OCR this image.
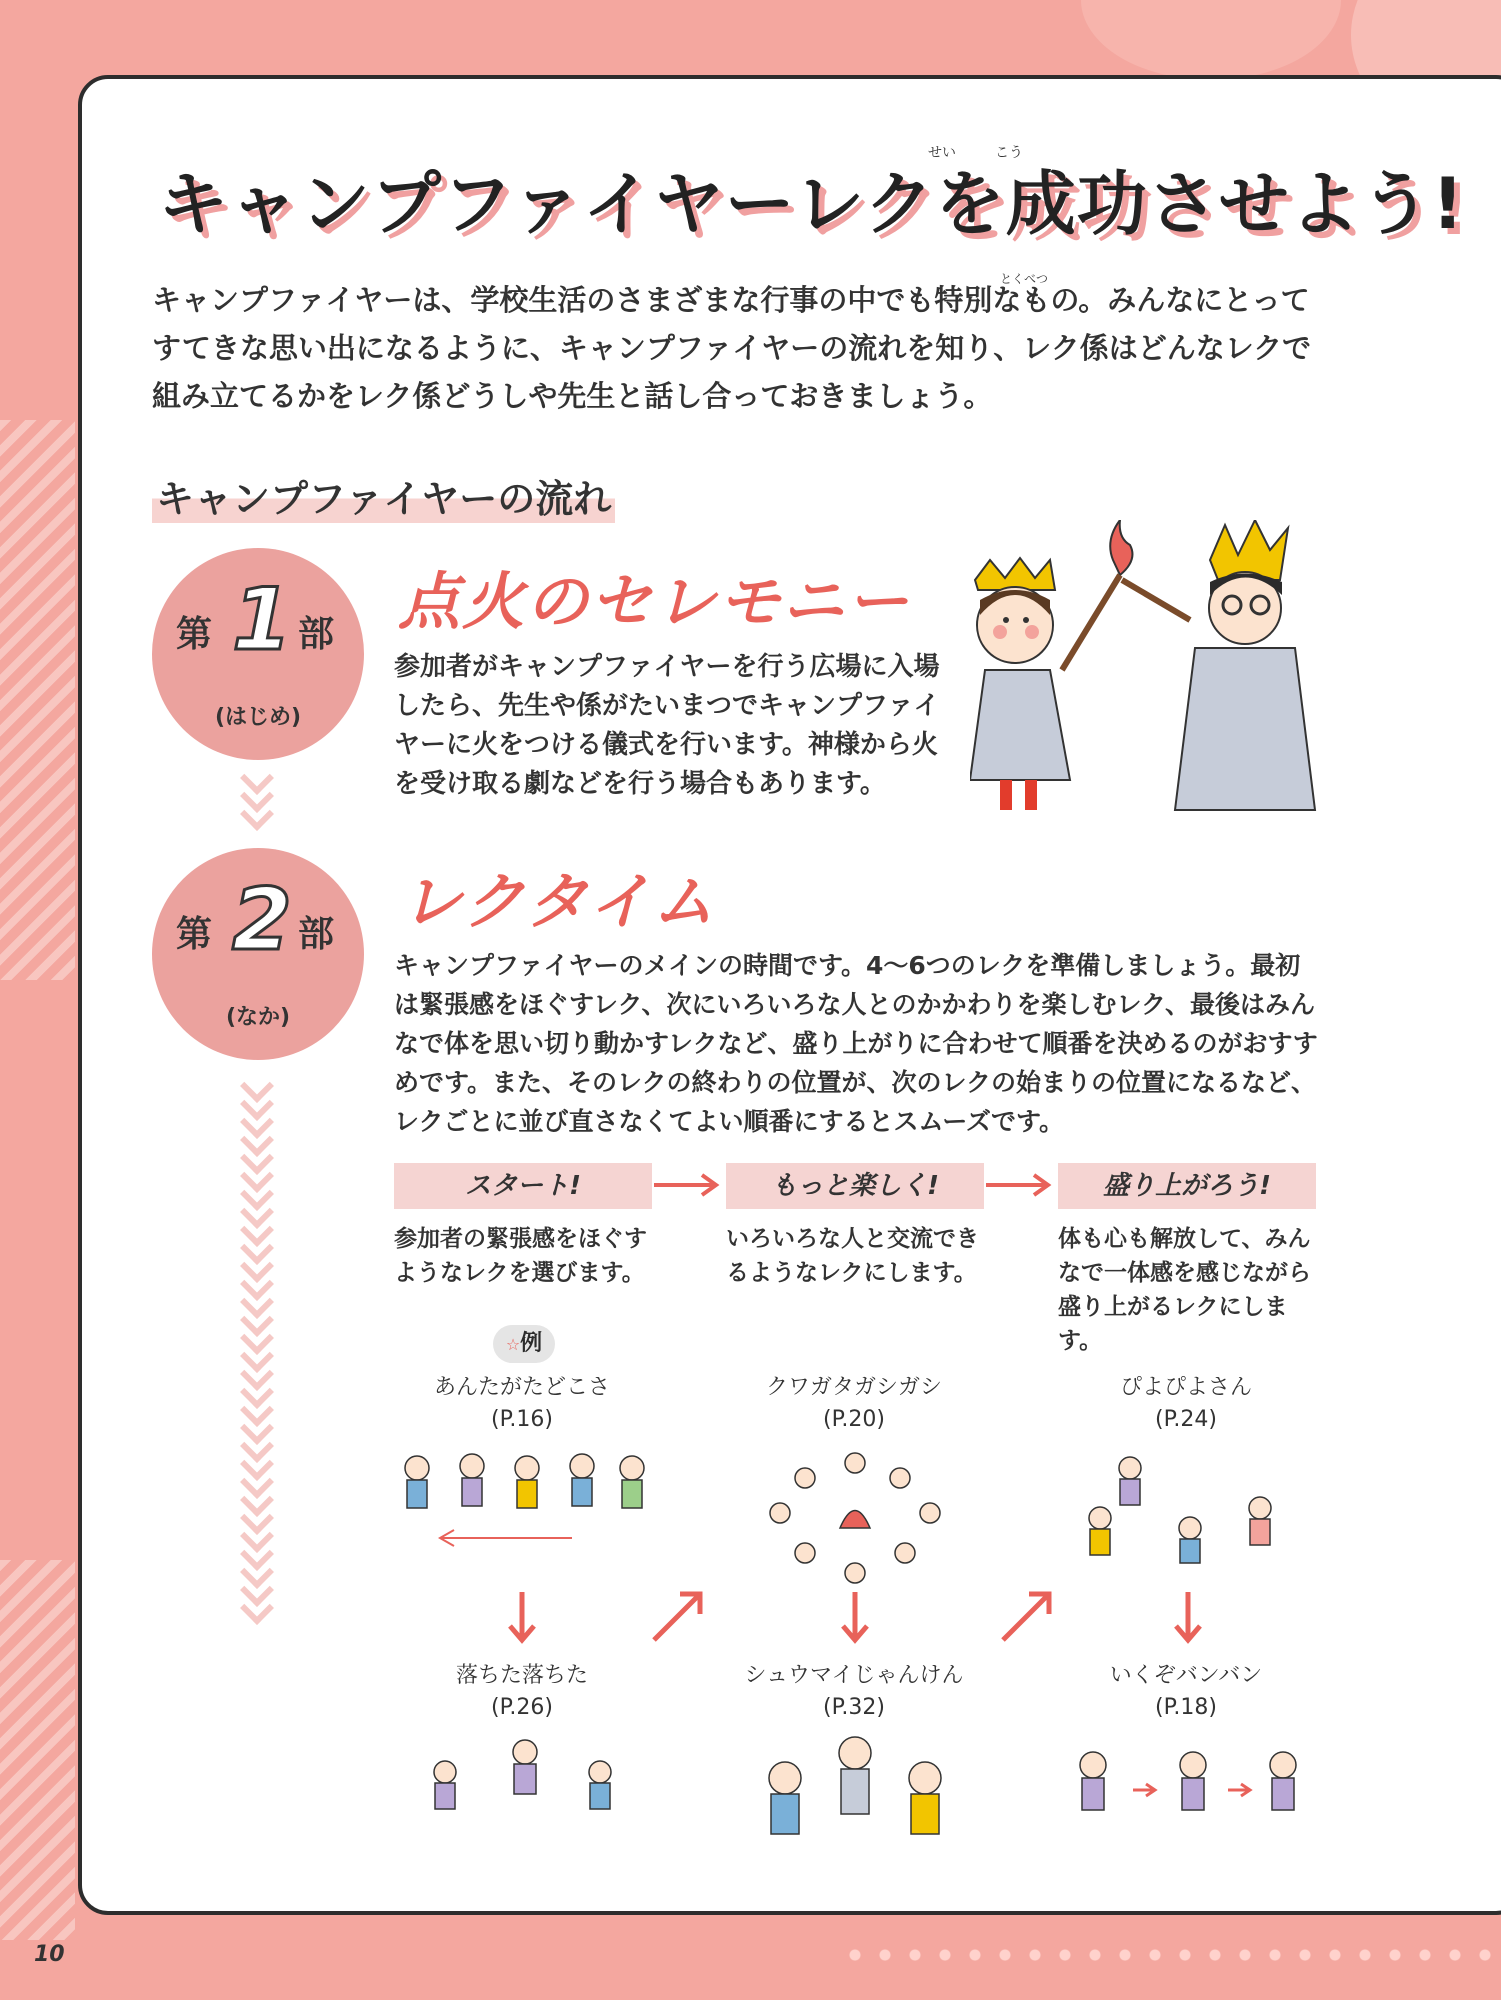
10
せい	こう
キャンプファイヤーレクを成功させよう!
とくべつ
キャンプファイヤーは、学校生活のさまざまな行事の中でも特別なもの。みんなにとってすてきな思い出になるように、キャンプファイヤーの流れを知り、レク係はどんなレクで組み立てるかをレク係どうしや先生と話し合っておきましょう。
キャンプファイヤーの流れ
第 1 部
(はじめ)
点火のセレモニー
参加者がキャンプファイヤーを行う広場に入場したら、先生や係がたいまつでキャンプファイヤーに火をつける儀式を行います。神様から火を受け取る劇などを行う場合もあります。
第 2 部
(なか)
レクタイム
キャンプファイヤーのメインの時間です。4～6つのレクを準備しましょう。最初は緊張感をほぐすレク、次にいろいろな人とのかかわりを楽しむレク、最後はみんなで体を思い切り動かすレクなど、盛り上がりに合わせて順番を決めるのがおすすめです。また、そのレクの終わりの位置が、次のレクの始まりの位置になるなど、レクごとに並び直さなくてよい順番にするとスムーズです。
スタート!	もっと楽しく!	盛り上がろう!
参加者の緊張感をほぐすようなレクを選びます。
いろいろな人と交流できるようなレクにします。
体も心も解放して、みんなで一体感を感じながら盛り上がるレクにします。
☆例
あんたがたどこさ
(P.16)
クワガタガシガシ
(P.20)
ぴよぴよさん
(P.24)
落ちた落ちた
(P.26)
シュウマイじゃんけん
(P.32)
いくぞバンバン
(P.18)
